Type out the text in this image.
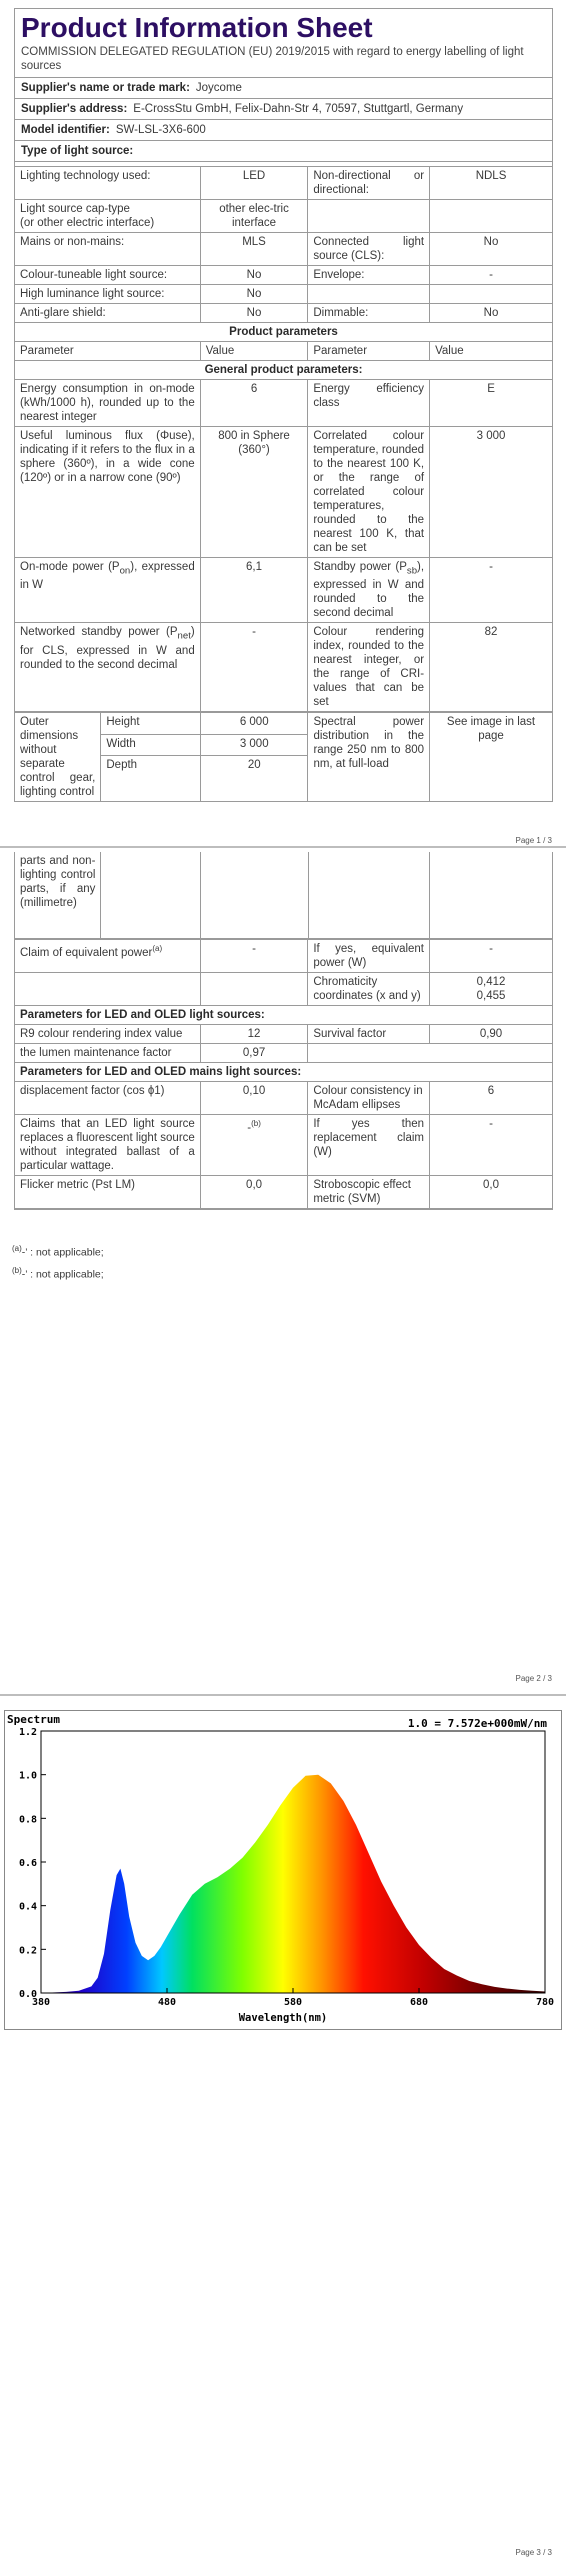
Product Information Sheet
COMMISSION DELEGATED REGULATION (EU) 2019/2015 with regard to energy labelling of light sources
Supplier's name or trade mark: Joycome
Supplier's address: E-CrossStu GmbH, Felix-Dahn-Str 4, 70597, Stuttgartl, Germany
Model identifier: SW-LSL-3X6-600
Type of light source:
Lighting technology used:	LED	Non-directional or directional:	NDLS
Light source cap-type
(or other electric interface)	other elec-tric interface		
Mains or non-mains:	MLS	Connected light source (CLS):	No
Colour-tuneable light source:	No	Envelope:	-
High luminance light source:	No		
Anti-glare shield:	No	Dimmable:	No
Product parameters			
Parameter	Value	Parameter	Value
General product parameters:			
Energy consumption in on-mode (kWh/1000 h), rounded up to the nearest integer	6	Energy efficiency class	E
Useful luminous flux (Φuse), indicating if it refers to the flux in a sphere (360º), in a wide cone (120º) or in a narrow cone (90º)	800 in Sphere (360°)	Correlated colour temperature, rounded to the nearest 100 K, or the range of correlated colour temperatures, rounded to the nearest 100 K, that can be set	3 000
On-mode power $(P_{on})$, expressed in W	6,1	Standby power $(P_{sb})$, expressed in W and rounded to the second decimal	-
Networked standby power $(P_{net})$ for CLS, expressed in W and rounded to the second decimal	-	Colour rendering index, rounded to the nearest integer, or the range of CRI-values that can be set	82
Outer dimensions without separate control gear, lighting control	Height	6 000	Spectral power distribution in the range 250 nm to 800 nm, at full-load	See image in last page
	Width	3 000		
	Depth	20		
Page 1 / 3
parts and non-lighting control parts, if any (millimetre)				
Claim of equivalent power$^{(a)}$	-	If yes, equivalent power (W)	-
		Chromaticity coordinates (x and y)	0,412
0,455
Parameters for LED and OLED light sources:			
R9 colour rendering index value	12	Survival factor	0,90
the lumen maintenance factor	0,97		
Parameters for LED and OLED mains light sources:			
displacement factor (cos ϕ1)	0,10	Colour consistency in McAdam ellipses	6
Claims that an LED light source replaces a fluorescent light source without integrated ballast of a particular wattage.	-$^{(b)}$	If yes then replacement claim (W)	-
Flicker metric (Pst LM)	0,0	Stroboscopic effect metric (SVM)	0,0
$^{(a)}$-’ : not applicable;
$^{(b)}$-’ : not applicable;
Page 2 / 3
Spectrum	1.0 = 7.572e+000mW/nm
380	480	580	680	780
0.0
0.2
0.4
0.6
0.8
1.0
1.2
Wavelength(nm)
Page 3 / 3
